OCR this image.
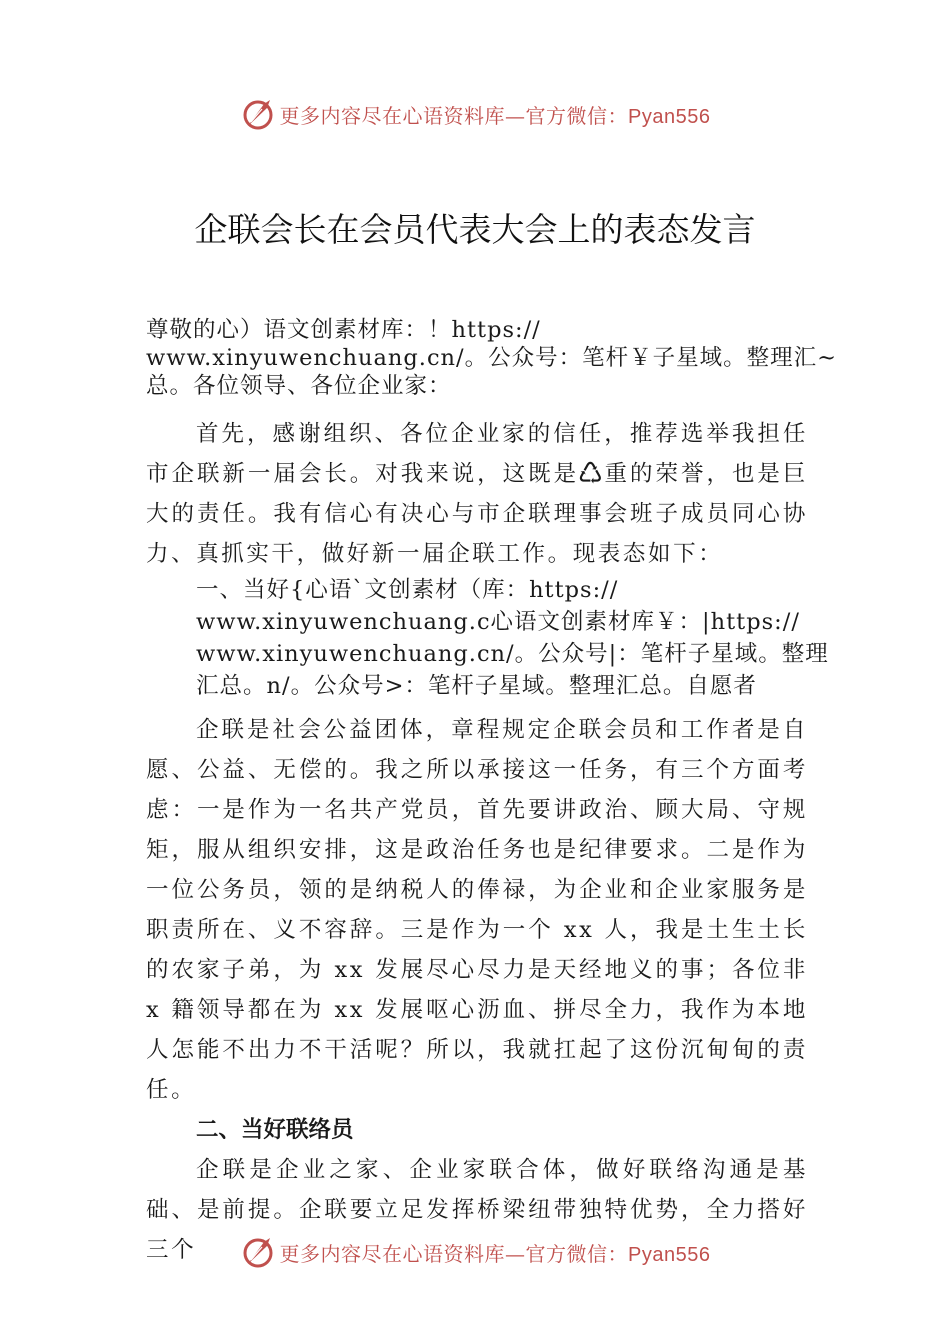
更多内容尽在心语资料库—官方微信：Pyan556
企联会长在会员代表大会上的表态发言

尊敬的心）语文创素材库：！https://

www.xinyuwenchuang.cn/。公众号：笔杆￥子星域。整理汇~

总。各位领导、各位企业家：

首先，感谢组织、各位企业家的信任，推荐选举我担任市企联新一届会长。对我来说，这既是♺重的荣誉，也是巨大的责任。我有信心有决心与市企联理事会班子成员同心协力、真抓实干，做好新一届企联工作。现表态如下：

一、当好{心语`文创素材（库：https://

www.xinyuwenchuang.c心语文创素材库￥：|https://

www.xinyuwenchuang.cn/。公众号|：笔杆子星域。整理

汇总。n/。公众号>：笔杆子星域。整理汇总。自愿者

企联是社会公益团体，章程规定企联会员和工作者是自愿、公益、无偿的。我之所以承接这一任务，有三个方面考虑：一是作为一名共产党员，首先要讲政治、顾大局、守规矩，服从组织安排，这是政治任务也是纪律要求。二是作为一位公务员，领的是纳税人的俸禄，为企业和企业家服务是职责所在、义不容辞。三是作为一个 xx 人，我是土生土长的农家子弟，为 xx 发展尽心尽力是天经地义的事；各位非 x 籍领导都在为 xx 发展呕心沥血、拼尽全力，我作为本地人怎能不出力不干活呢？所以，我就扛起了这份沉甸甸的责任。

二、当好联络员

企联是企业之家、企业家联合体，做好联络沟通是基础、是前提。企联要立足发挥桥梁纽带独特优势，全力搭好三个	更多内容尽在心语资料库—官方微信：Pyan556
